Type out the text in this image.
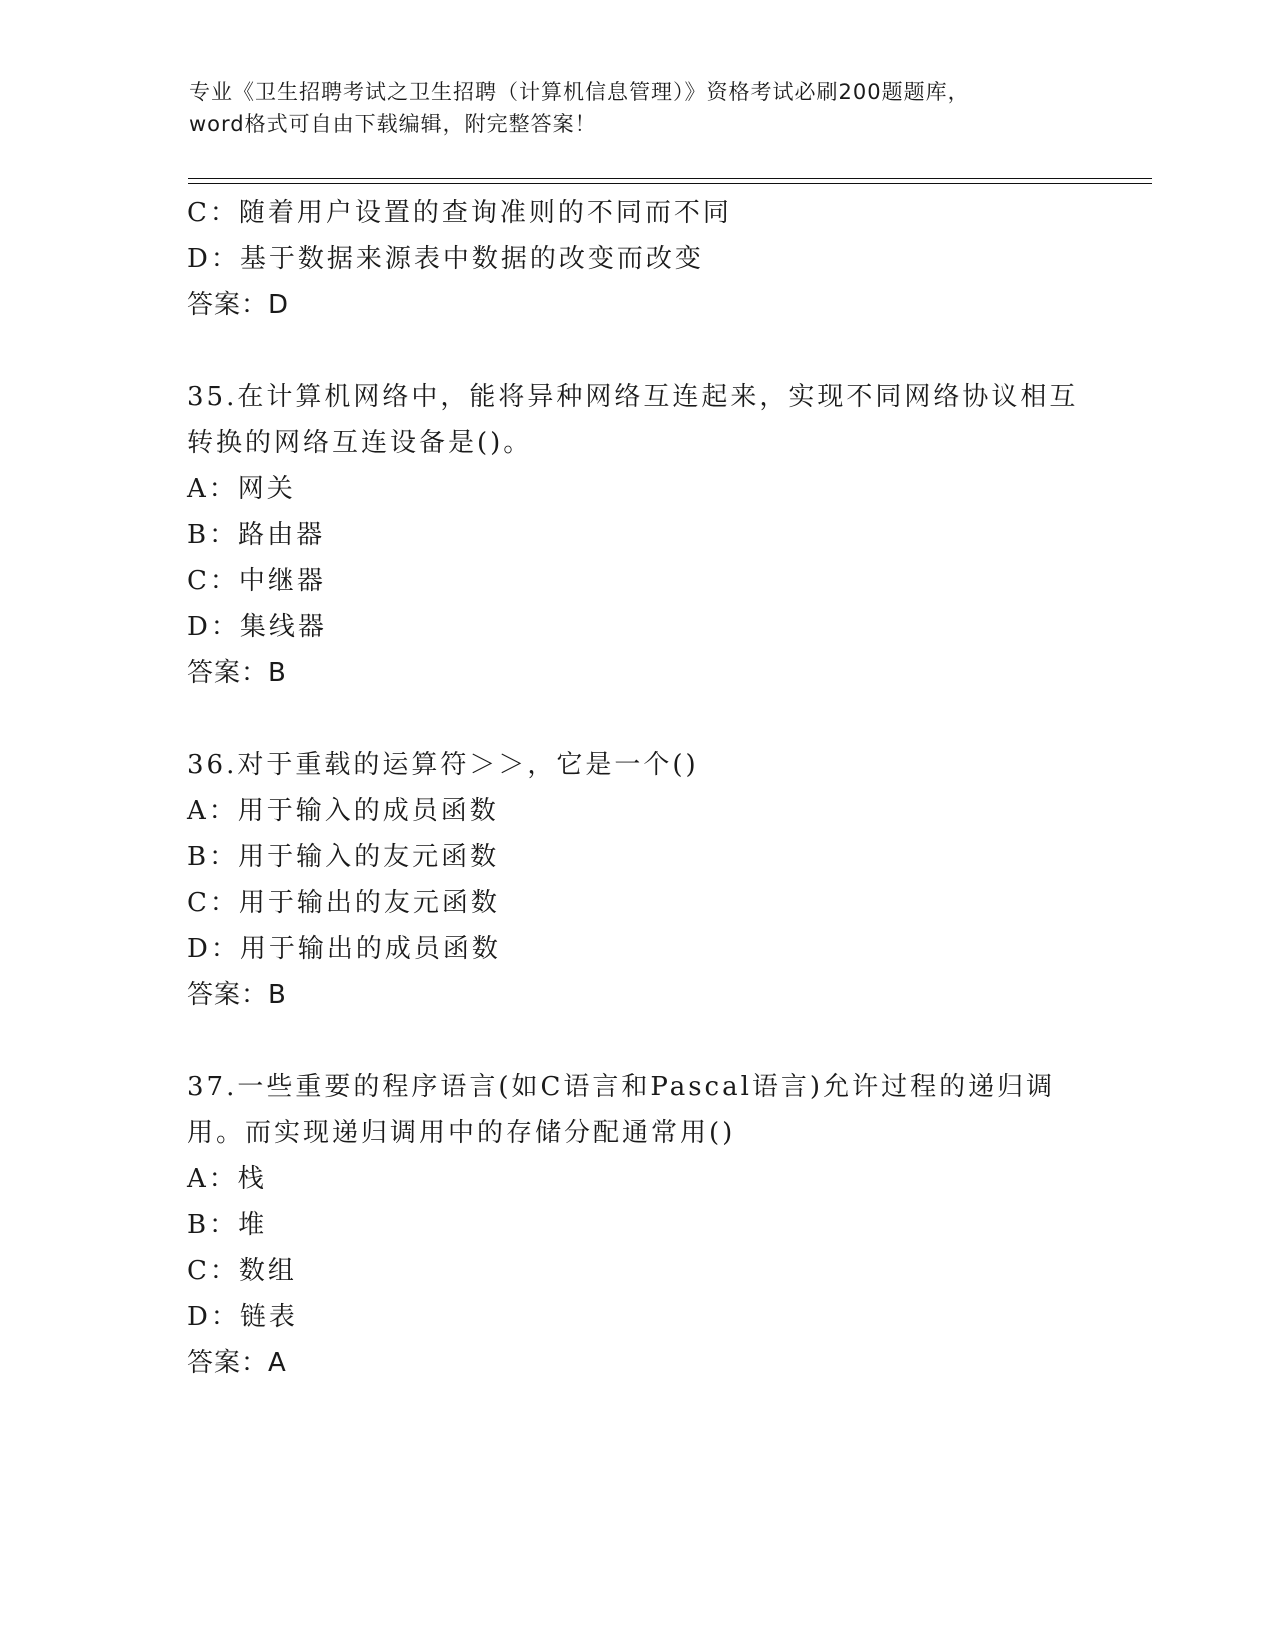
专业《卫生招聘考试之卫生招聘（计算机信息管理）》资格考试必刷200题题库，
word格式可自由下载编辑，附完整答案！
C：随着用户设置的查询准则的不同而不同
D：基于数据来源表中数据的改变而改变
答案：D
35.在计算机网络中，能将异种网络互连起来，实现不同网络协议相互
转换的网络互连设备是()。
A：网关
B：路由器
C：中继器
D：集线器
答案：B
36.对于重载的运算符＞＞，它是一个()
A：用于输入的成员函数
B：用于输入的友元函数
C：用于输出的友元函数
D：用于输出的成员函数
答案：B
37.一些重要的程序语言(如C语言和Pascal语言)允许过程的递归调
用。而实现递归调用中的存储分配通常用()
A：栈
B：堆
C：数组
D：链表
答案：A
